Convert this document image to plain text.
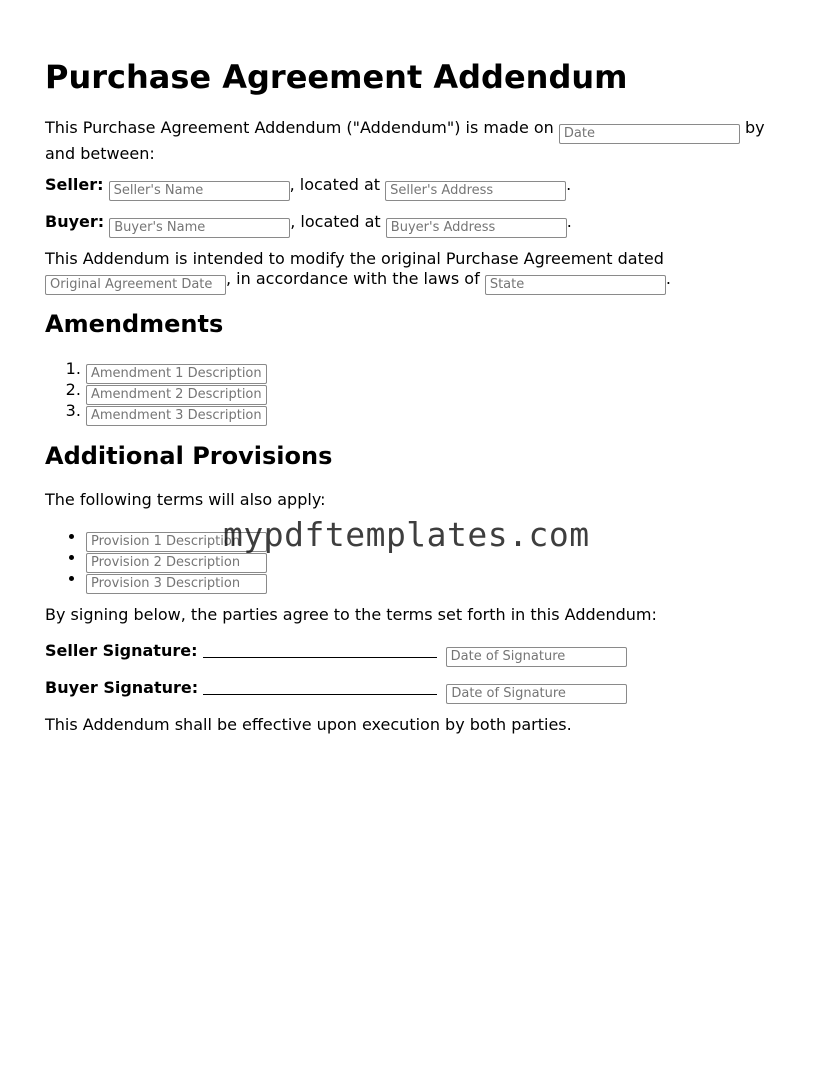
Purchase Agreement Addendum

This Purchase Agreement Addendum ("Addendum") is made on Date	by
and between:

Seller: Seller's Name	, located at Seller's Address	.

Buyer: Buyer's Name	, located at Buyer's Address	.

This Addendum is intended to modify the original Purchase Agreement dated
Original Agreement Date, in accordance with the laws of State	.

Amendments
1. Amendment 1 Description
2. Amendment 2 Description
3. Amendment 3 Description
Additional Provisions

The following terms will also apply:

• Provision 1 Description
• Provision 2 Description
• Provision 3 Description

By signing below, the parties agree to the terms set forth in this Addendum:

Seller Signature:  Date of Signature

Buyer Signature:  Date of Signature

This Addendum shall be effective upon execution by both parties.

mypdftemplates.com
